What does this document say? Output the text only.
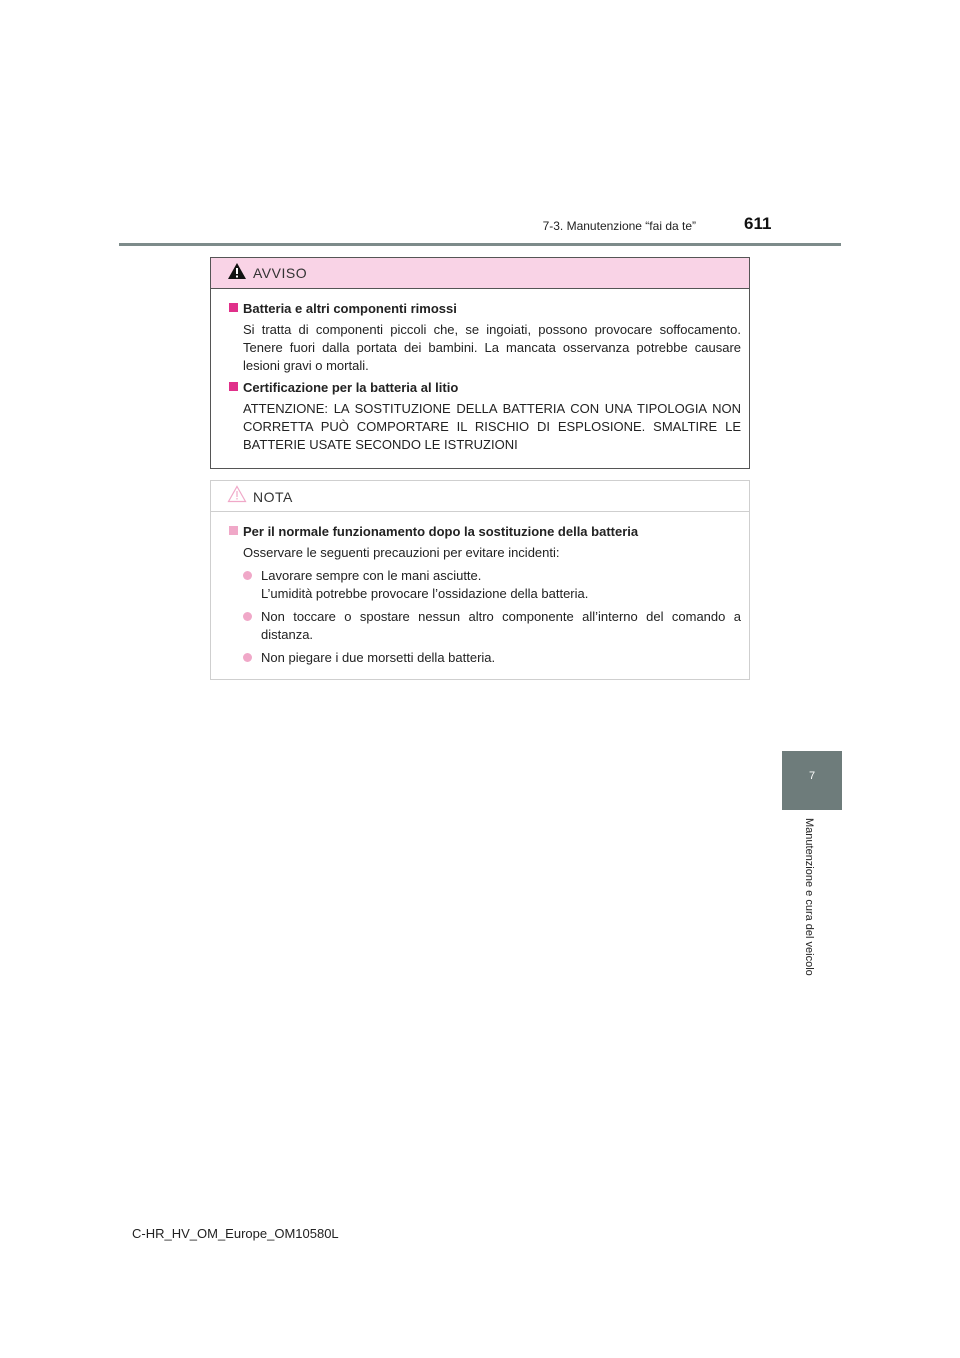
7-3. Manutenzione “fai da te”	611
7
Manutenzione e cura del veicolo
AVVISO
Batteria e altri componenti rimossi
Si tratta di componenti piccoli che, se ingoiati, possono provocare soffocamento. Tenere fuori dalla portata dei bambini. La mancata osservanza potrebbe causare lesioni gravi o mortali.
Certificazione per la batteria al litio
ATTENZIONE: LA SOSTITUZIONE DELLA BATTERIA CON UNA TIPOLOGIA NON CORRETTA PUÒ COMPORTARE IL RISCHIO DI ESPLOSIONE. SMALTIRE LE BATTERIE USATE SECONDO LE ISTRUZIONI
NOTA
Per il normale funzionamento dopo la sostituzione della batteria
Osservare le seguenti precauzioni per evitare incidenti:
Lavorare sempre con le mani asciutte.
L’umidità potrebbe provocare l’ossidazione della batteria.
Non toccare o spostare nessun altro componente all’interno del comando a distanza.
Non piegare i due morsetti della batteria.
C-HR_HV_OM_Europe_OM10580L
